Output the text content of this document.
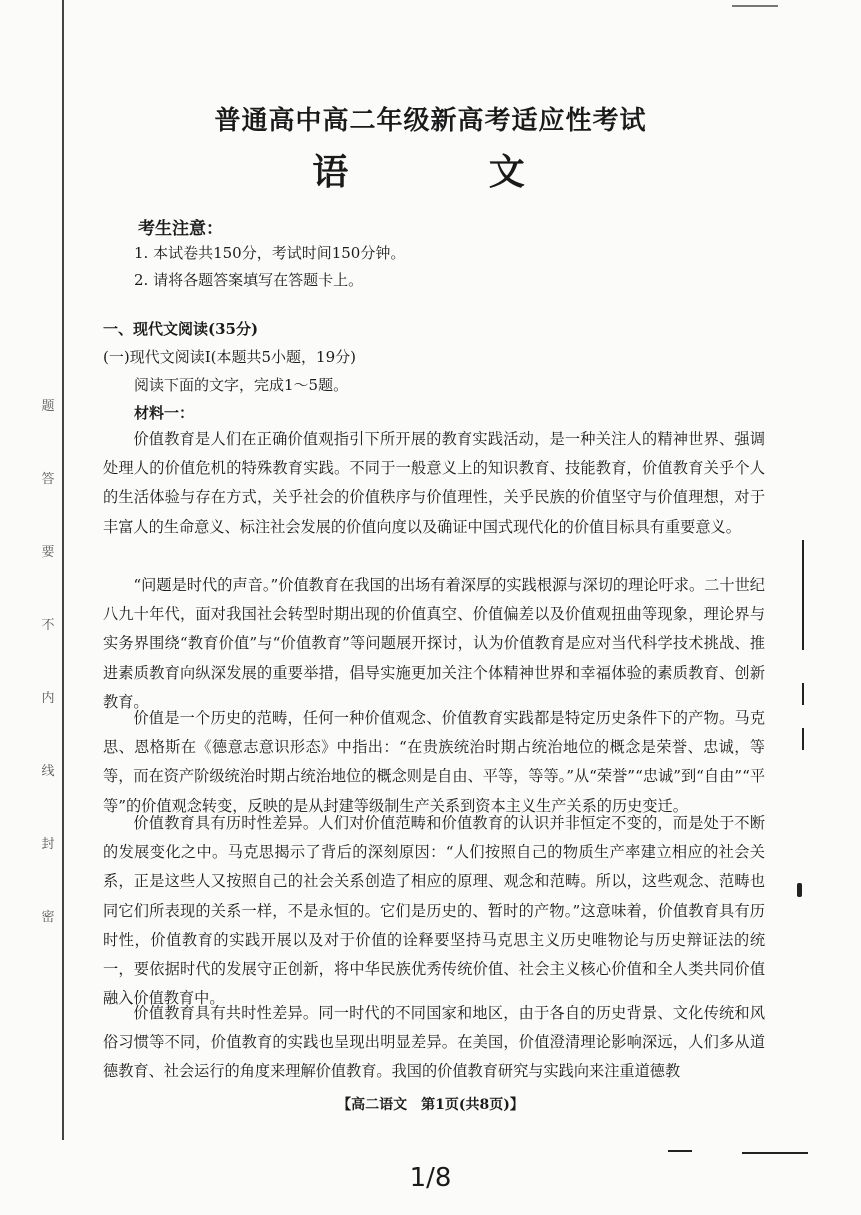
题
答
要
不
内
线
封
密
普通高中高二年级新高考适应性考试
语 文
考生注意：
1. 本试卷共150分，考试时间150分钟。
2. 请将各题答案填写在答题卡上。
一、现代文阅读(35分)
(一)现代文阅读Ⅰ(本题共5小题，19分)
阅读下面的文字，完成1～5题。
材料一：

价值教育是人们在正确价值观指引下所开展的教育实践活动，是一种关注人的精神世界、强调处理人的价值危机的特殊教育实践。不同于一般意义上的知识教育、技能教育，价值教育关乎个人的生活体验与存在方式，关乎社会的价值秩序与价值理性，关乎民族的价值坚守与价值理想，对于丰富人的生命意义、标注社会发展的价值向度以及确证中国式现代化的价值目标具有重要意义。

“问题是时代的声音。”价值教育在我国的出场有着深厚的实践根源与深切的理论吁求。二十世纪八九十年代，面对我国社会转型时期出现的价值真空、价值偏差以及价值观扭曲等现象，理论界与实务界围绕“教育价值”与“价值教育”等问题展开探讨，认为价值教育是应对当代科学技术挑战、推进素质教育向纵深发展的重要举措，倡导实施更加关注个体精神世界和幸福体验的素质教育、创新教育。

价值是一个历史的范畴，任何一种价值观念、价值教育实践都是特定历史条件下的产物。马克思、恩格斯在《德意志意识形态》中指出：“在贵族统治时期占统治地位的概念是荣誉、忠诚，等等，而在资产阶级统治时期占统治地位的概念则是自由、平等，等等。”从“荣誉”“忠诚”到“自由”“平等”的价值观念转变，反映的是从封建等级制生产关系到资本主义生产关系的历史变迁。

价值教育具有历时性差异。人们对价值范畴和价值教育的认识并非恒定不变的，而是处于不断的发展变化之中。马克思揭示了背后的深刻原因：“人们按照自己的物质生产率建立相应的社会关系，正是这些人又按照自己的社会关系创造了相应的原理、观念和范畴。所以，这些观念、范畴也同它们所表现的关系一样，不是永恒的。它们是历史的、暂时的产物。”这意味着，价值教育具有历时性，价值教育的实践开展以及对于价值的诠释要坚持马克思主义历史唯物论与历史辩证法的统一，要依据时代的发展守正创新，将中华民族优秀传统价值、社会主义核心价值和全人类共同价值融入价值教育中。

价值教育具有共时性差异。同一时代的不同国家和地区，由于各自的历史背景、文化传统和风俗习惯等不同，价值教育的实践也呈现出明显差异。在美国，价值澄清理论影响深远，人们多从道德教育、社会运行的角度来理解价值教育。我国的价值教育研究与实践向来注重道德教

【高二语文　第1页(共8页)】
1/8
